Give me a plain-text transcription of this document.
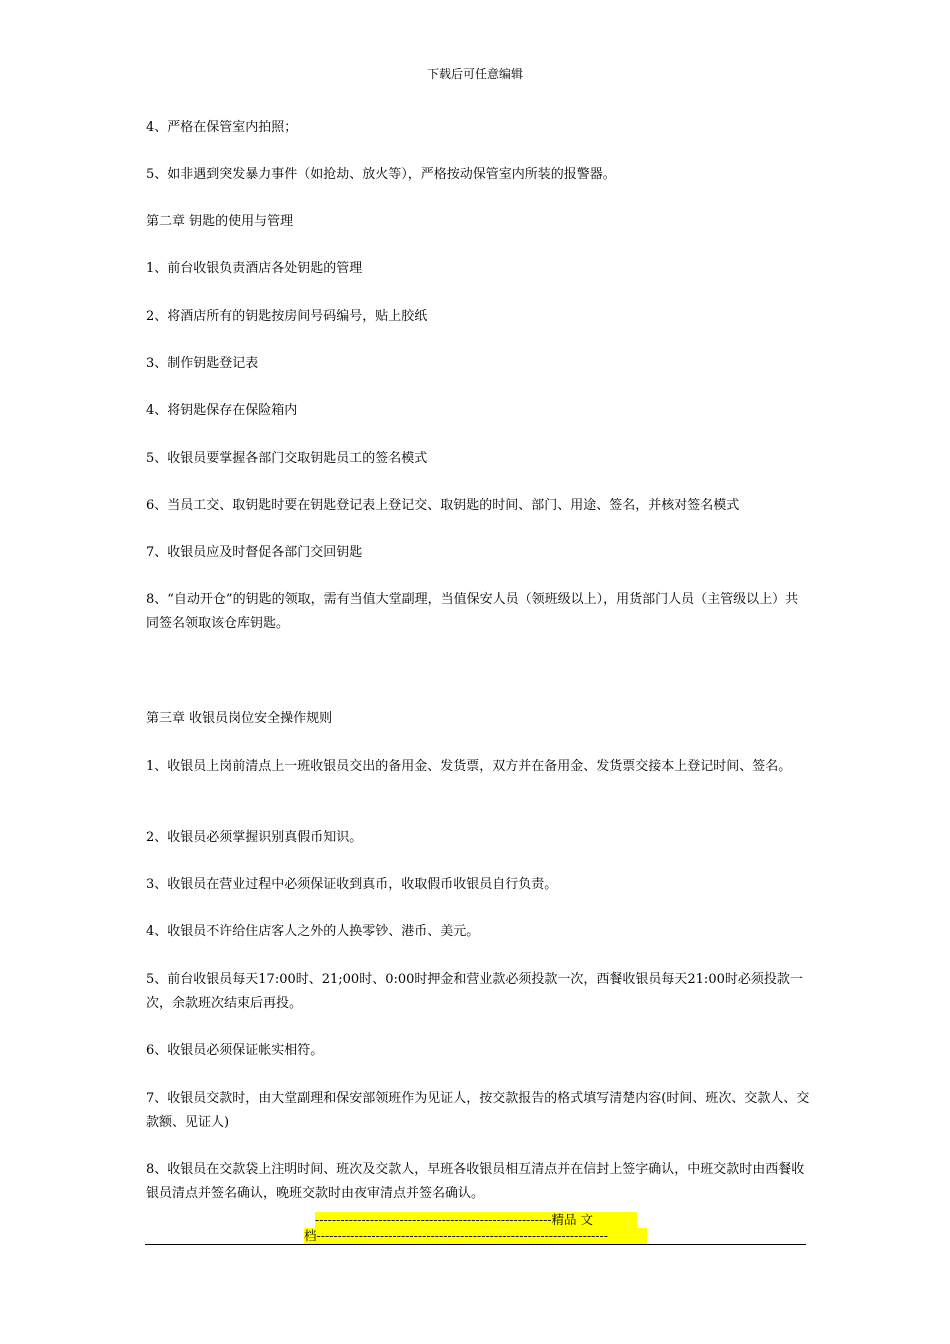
下载后可任意编辑

4、严格在保管室内拍照；

5、如非遇到突发暴力事件（如抢劫、放火等），严格按动保管室内所装的报警器。

第二章 钥匙的使用与管理

1、前台收银负责酒店各处钥匙的管理

2、将酒店所有的钥匙按房间号码编号，贴上胶纸

3、制作钥匙登记表

4、将钥匙保存在保险箱内

5、收银员要掌握各部门交取钥匙员工的签名模式

6、当员工交、取钥匙时要在钥匙登记表上登记交、取钥匙的时间、部门、用途、签名，并核对签名模式

7、收银员应及时督促各部门交回钥匙

8、“自动开仓”的钥匙的领取，需有当值大堂副理，当值保安人员（领班级以上），用货部门人员（主管级以上）共同签名领取该仓库钥匙。

第三章 收银员岗位安全操作规则

1、收银员上岗前清点上一班收银员交出的备用金、发货票，双方并在备用金、发货票交接本上登记时间、签名。

2、收银员必须掌握识别真假币知识。

3、收银员在营业过程中必须保证收到真币，收取假币收银员自行负责。

4、收银员不许给住店客人之外的人换零钞、港币、美元。

5、前台收银员每天17:00时、21;00时、0:00时押金和营业款必须投款一次，西餐收银员每天21:00时必须投款一次，余款班次结束后再投。

6、收银员必须保证帐实相符。

7、收银员交款时，由大堂副理和保安部领班作为见证人，按交款报告的格式填写清楚内容(时间、班次、交款人、交款额、见证人)

8、收银员在交款袋上注明时间、班次及交款人，早班各收银员相互清点并在信封上签字确认，中班交款时由西餐收银员清点并签名确认，晚班交款时由夜审清点并签名确认。

--------------------------------------------------------精品 文
档---------------------------------------------------------------------
